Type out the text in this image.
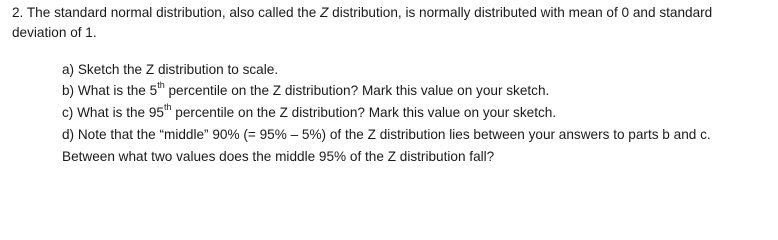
2. The standard normal distribution, also called the Z distribution, is normally distributed with mean of 0 and standard
deviation of 1.
a) Sketch the Z distribution to scale.
b) What is the 5th percentile on the Z distribution? Mark this value on your sketch.
c) What is the 95th percentile on the Z distribution? Mark this value on your sketch.
d) Note that the “middle” 90% (= 95% – 5%) of the Z distribution lies between your answers to parts b and c.
Between what two values does the middle 95% of the Z distribution fall?
